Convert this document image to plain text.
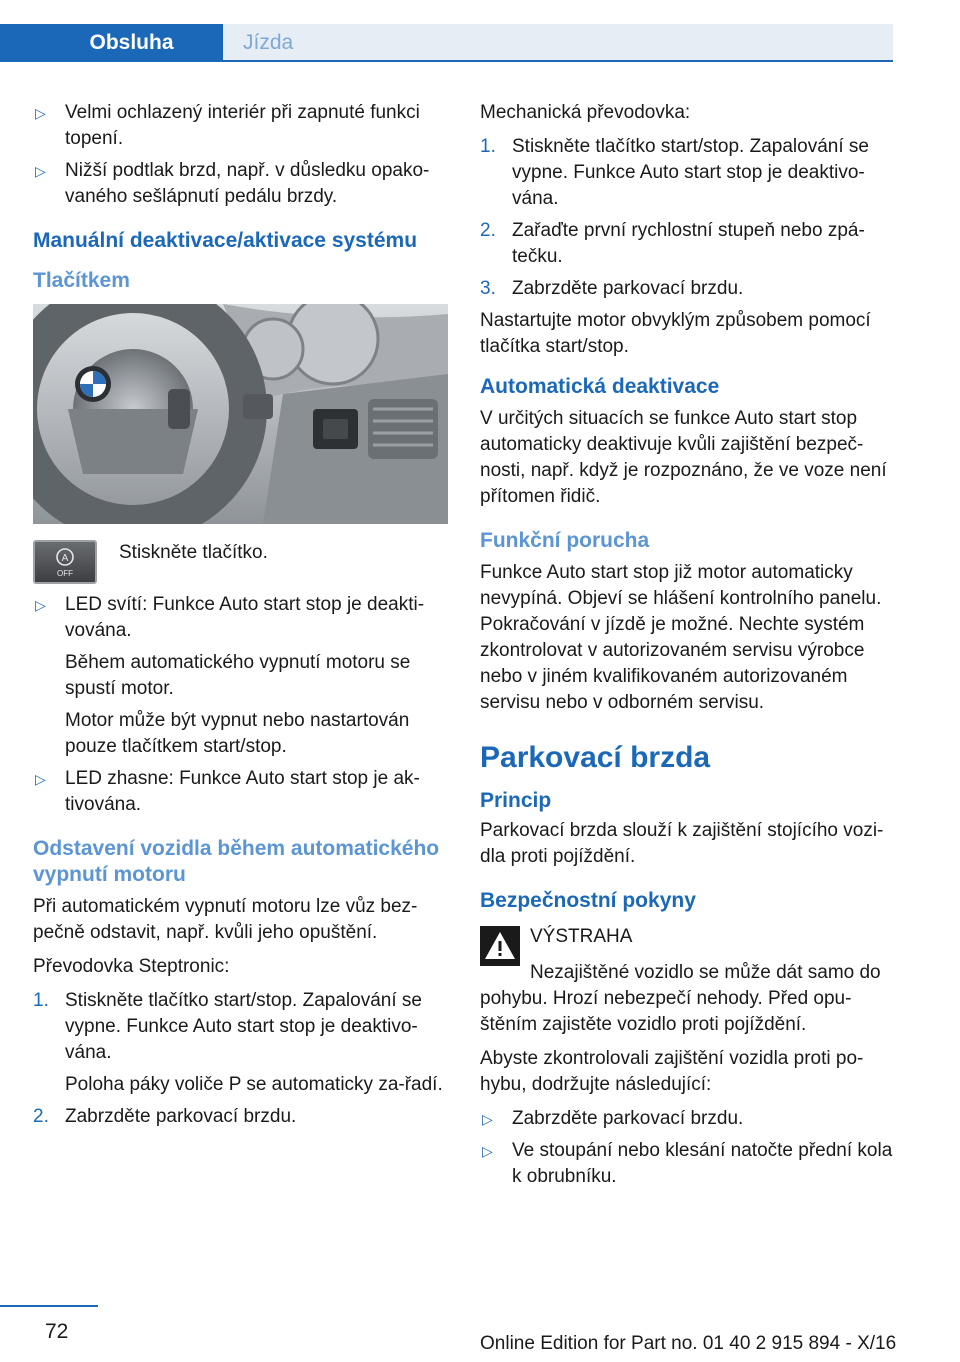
Obsluha	Jízda
▷ Velmi ochlazený interiér při zapnuté funkci topení.

▷ Nižší podtlak brzd, např. v důsledku opako‐vaného sešlápnutí pedálu brzdy.

Manuální deaktivace/aktivace systému
Tlačítkem
A
OFF
Stiskněte tlačítko.
▷ LED svítí: Funkce Auto start stop je deakti‐vována.

Během automatického vypnutí motoru se spustí motor.

Motor může být vypnut nebo nastartován pouze tlačítkem start/stop.

▷ LED zhasne: Funkce Auto start stop je ak‐tivována.

Odstavení vozidla během automatického vypnutí motoru
Při automatickém vypnutí motoru lze vůz bez‐pečně odstavit, např. kvůli jeho opuštění.
Převodovka Steptronic:
1. Stiskněte tlačítko start/stop. Zapalování se vypne. Funkce Auto start stop je deaktivo‐vána.

Poloha páky voliče P se automaticky za‐řadí.

2. Zabrzděte parkovací brzdu.

Mechanická převodovka:
1. Stiskněte tlačítko start/stop. Zapalování se vypne. Funkce Auto start stop je deaktivo‐vána.

2. Zařaďte první rychlostní stupeň nebo zpá‐tečku.

3. Zabrzděte parkovací brzdu.

Nastartujte motor obvyklým způsobem pomocí tlačítka start/stop.
Automatická deaktivace
V určitých situacích se funkce Auto start stop automaticky deaktivuje kvůli zajištění bezpeč‐nosti, např. když je rozpoznáno, že ve voze není přítomen řidič.
Funkční porucha
Funkce Auto start stop již motor automaticky nevypíná. Objeví se hlášení kontrolního panelu. Pokračování v jízdě je možné. Nechte systém zkontrolovat v autorizovaném servisu výrobce nebo v jiném kvalifikovaném autorizovaném servisu nebo v odborném servisu.
Parkovací brzda
Princip
Parkovací brzda slouží k zajištění stojícího vozi‐dla proti pojíždění.
Bezpečnostní pokyny
VÝSTRAHA
Nezajištěné vozidlo se může dát samo do pohybu. Hrozí nebezpečí nehody. Před opu‐štěním zajistěte vozidlo proti pojíždění.
Abyste zkontrolovali zajištění vozidla proti po‐hybu, dodržujte následující:
▷ Zabrzděte parkovací brzdu.

▷ Ve stoupání nebo klesání natočte přední kola k obrubníku.

72
Online Edition for Part no. 01 40 2 915 894 - X/16
